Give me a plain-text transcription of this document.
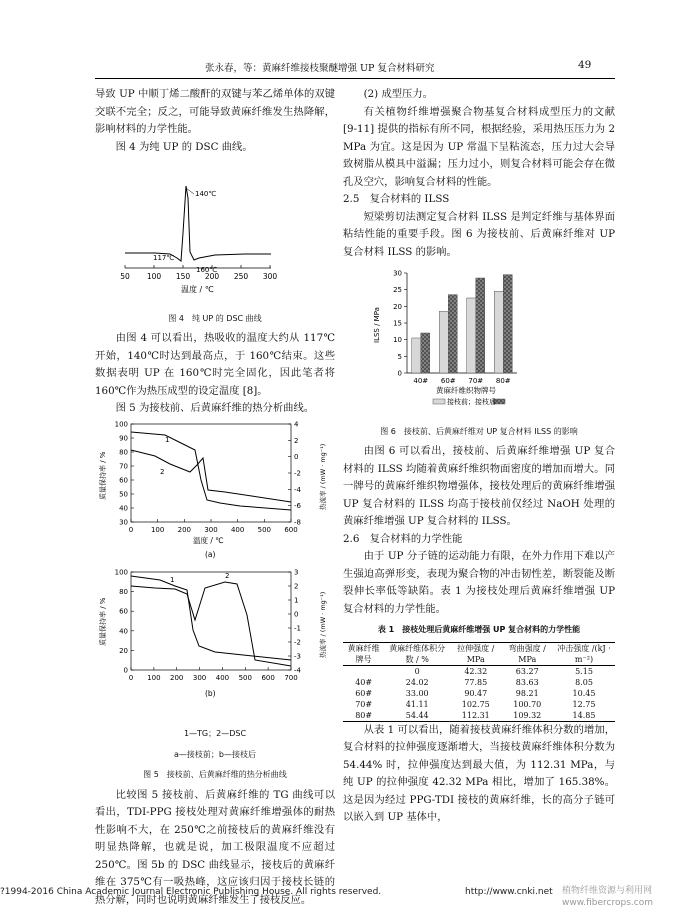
张永春，等：黄麻纤维接枝聚醚增强 UP 复合材料研究	49

导致 UP 中顺丁烯二酸酐的双键与苯乙烯单体的双键交联不完全；反之，可能导致黄麻纤维发生热降解，影响材料的力学性能。

图 4 为纯 UP 的 DSC 曲线。

50 100 150 200 250 300
140℃
117℃
160℃
温度 / ℃
图 4　纯 UP 的 DSC 曲线

由图 4 可以看出，热吸收的温度大约从 117℃开始，140℃时达到最高点，于 160℃结束。这些数据表明 UP 在 160℃时完全固化，因此笔者将 160℃作为热压成型的设定温度 [8]。

图 5 为接枝前、后黄麻纤维的热分析曲线。

0	100 200 300 400 500 600
100
90
80
70
60
50
40
30
4
2
0
-2
-4
-6
-8
1
2
温度 / ℃
(a)
质量保持率 / %	热流率 / (mW · mg⁻¹)
0 100 200 300 400 500 600 700
100
80
60
40
20
0
3
2
1
0
-1
-2
-3
-4
1	2
(b)
质量保持率 / %	热流率 / (mW · mg⁻¹)
1—TG；2—DSC
a—接枝前；b—接枝后
图 5　接枝前、后黄麻纤维的热分析曲线

比较图 5 接枝前、后黄麻纤维的 TG 曲线可以看出，TDI-PPG 接枝处理对黄麻纤维增强体的耐热性影响不大，在 250℃之前接枝后的黄麻纤维没有明显热降解，也就是说，加工极限温度不应超过 250℃。图 5b 的 DSC 曲线显示，接枝后的黄麻纤维在 375℃有一吸热峰，这应该归因于接枝长链的热分解，同时也说明黄麻纤维发生了接枝反应。

(2) 成型压力。

有关植物纤维增强聚合物基复合材料成型压力的文献 [9-11] 提供的指标有所不同，根据经验，采用热压压力为 2 MPa 为宜。这是因为 UP 常温下呈粘流态，压力过大会导致树脂从模具中溢漏；压力过小，则复合材料可能会存在微孔及空穴，影响复合材料的性能。

2.5　复合材料的 ILSS

短梁剪切法测定复合材料 ILSS 是判定纤维与基体界面粘结性能的重要手段。图 6 为接枝前、后黄麻纤维对 UP 复合材料 ILSS 的影响。

ILSS / MPa
黄麻纤维织物牌号
接枝前；接枝后
0
5
10
15
20
25
30
40# 60# 70# 80#
图 6　接枝前、后黄麻纤维对 UP 复合材料 ILSS 的影响

由图 6 可以看出，接枝前、后黄麻纤维增强 UP 复合材料的 ILSS 均随着黄麻纤维织物面密度的增加而增大。同一牌号的黄麻纤维织物增强体，接枝处理后的黄麻纤维增强 UP 复合材料的 ILSS 均高于接枝前仅经过 NaOH 处理的黄麻纤维增强 UP 复合材料的 ILSS。

2.6　复合材料的力学性能

由于 UP 分子链的运动能力有限，在外力作用下难以产生强迫高弹形变，表现为聚合物的冲击韧性差，断裂能及断裂伸长率低等缺陷。表 1 为接枝处理后黄麻纤维增强 UP 复合材料的力学性能。

表 1　接枝处理后黄麻纤维增强 UP 复合材料的力学性能
黄麻纤维牌号	黄麻纤维体积分数 / %	拉伸强度 / MPa	弯曲强度 / MPa	冲击强度 /(kJ · m⁻²)
	0	42.32	63.27	5.15
40#	24.02	77.85	83.63	8.05
60#	33.00	90.47	98.21	10.45
70#	41.11	102.75	100.70	12.75
80#	54.44	112.31	109.32	14.85

从表 1 可以看出，随着接枝黄麻纤维体积分数的增加，复合材料的拉伸强度逐渐增大，当接枝黄麻纤维体积分数为 54.44% 时，拉伸强度达到最大值，为 112.31 MPa，与纯 UP 的拉伸强度 42.32 MPa 相比，增加了 165.38%。这是因为经过 PPG-TDI 接枝的黄麻纤维，长的高分子链可以嵌入到 UP 基体中，

?1994-2016 China Academic Journal Electronic Publishing House. All rights reserved.	http://www.cnki.net 植物纤维资源与利用网 www.fibercrops.com
